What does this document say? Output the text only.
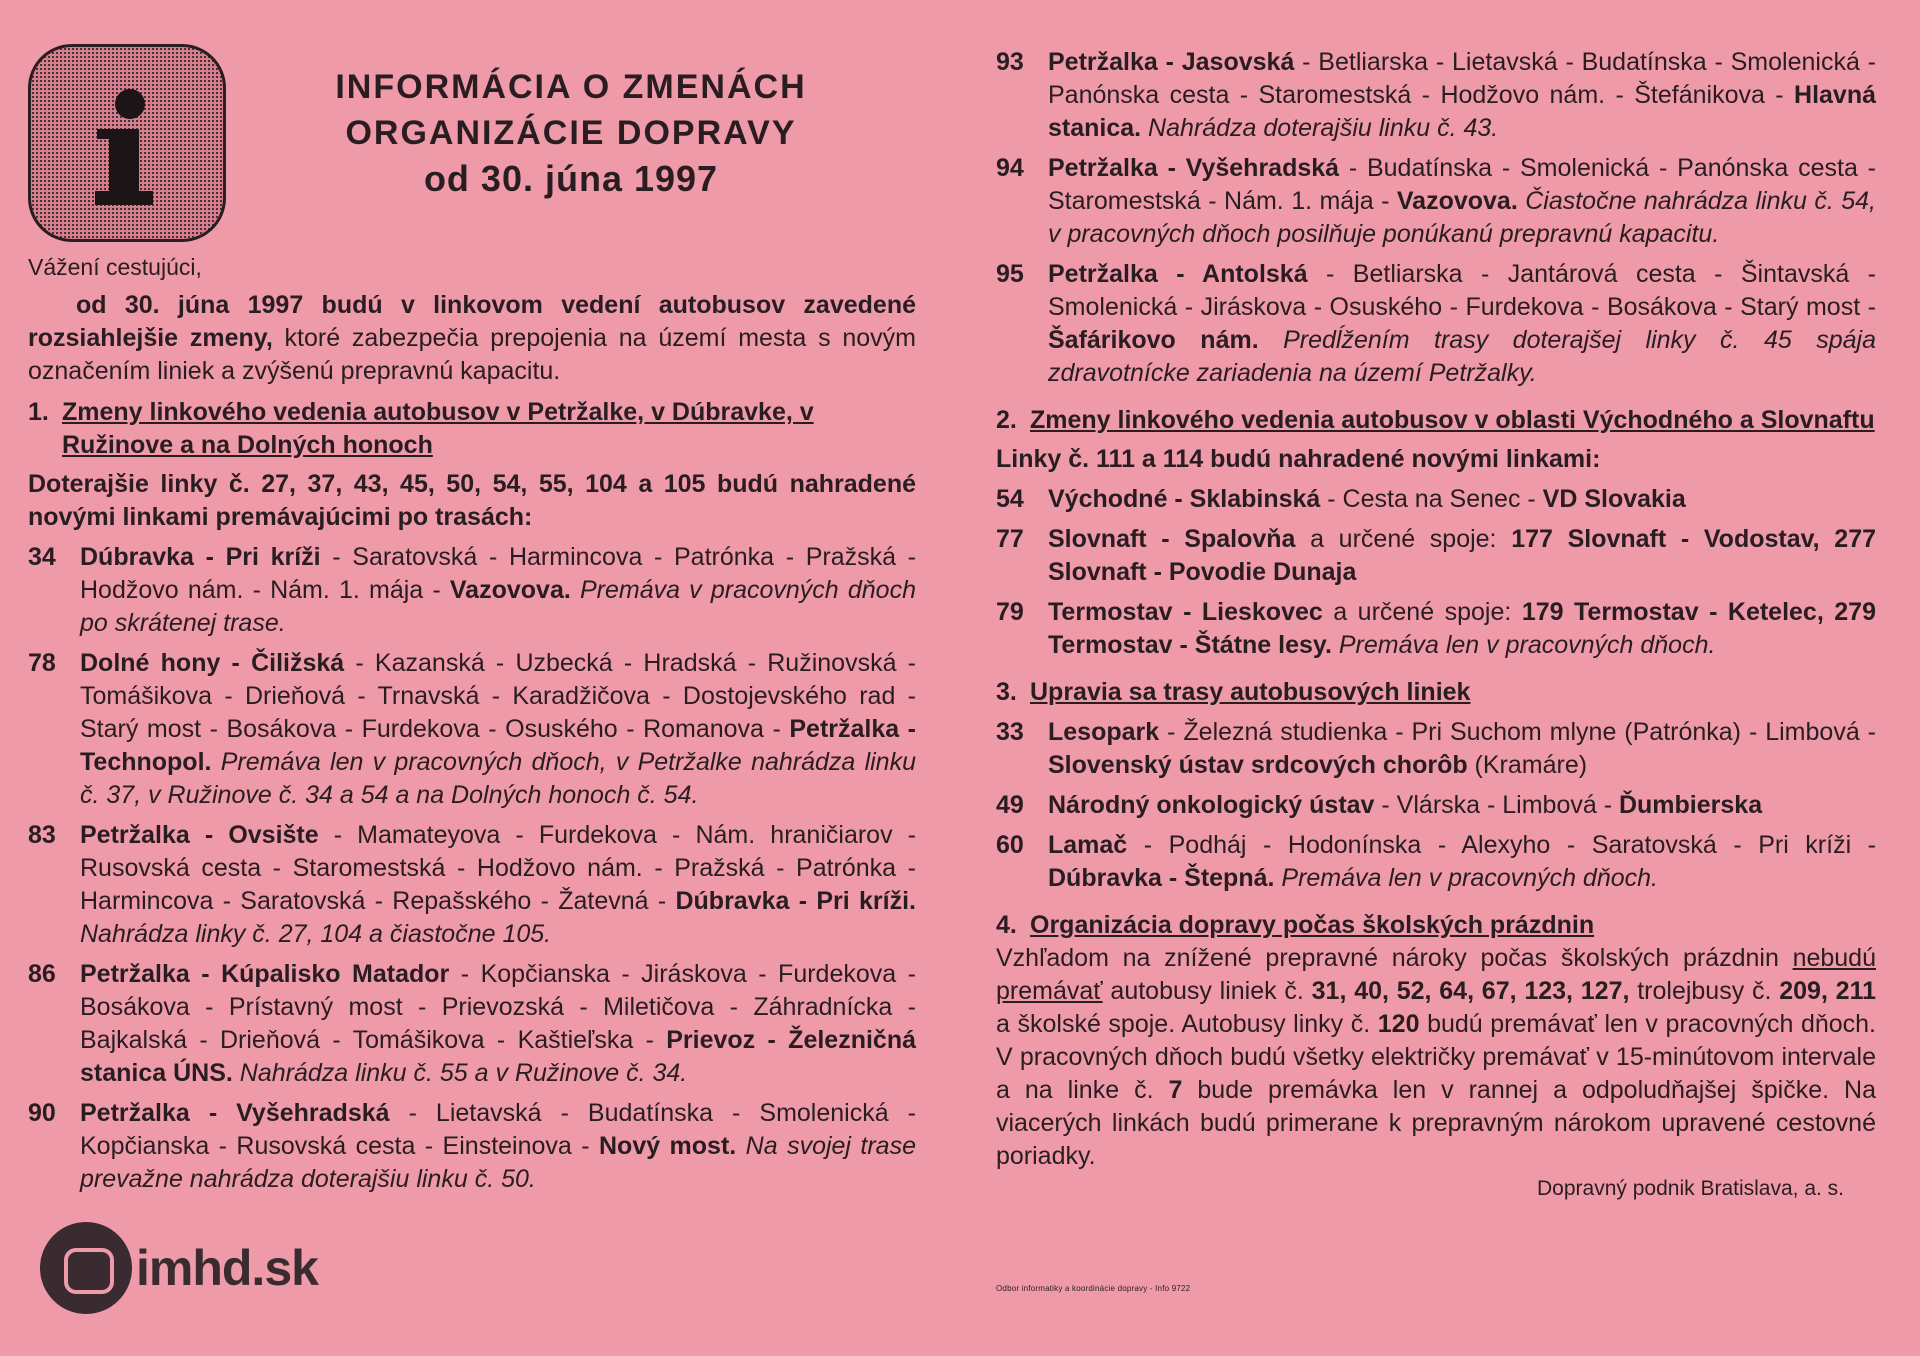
INFORMÁCIA O ZMENÁCH
ORGANIZÁCIE DOPRAVY
od 30. júna 1997

Vážení cestujúci,

od 30. júna 1997 budú v linkovom vedení autobusov zavedené rozsiahlejšie zmeny, ktoré zabezpečia prepojenia na území mesta s novým označením liniek a zvýšenú prepravnú kapacitu.

1. Zmeny linkového vedenia autobusov v Petržalke, v Dúbravke, v Ružinove a na Dolných honoch

Doterajšie linky č. 27, 37, 43, 45, 50, 54, 55, 104 a 105 budú nahradené novými linkami premávajúcimi po trasách:

34 Dúbravka - Pri kríži - Saratovská - Harmincova - Patrónka - Pražská - Hodžovo nám. - Nám. 1. mája - Vazovova. Premáva v pracovných dňoch po skrátenej trase.
78 Dolné hony - Čiližská - Kazanská - Uzbecká - Hradská - Ružinovská - Tomášikova - Drieňová - Trnavská - Karadžičova - Dostojevského rad - Starý most - Bosákova - Furdekova - Osuského - Romanova - Petržalka -Technopol. Premáva len v pracovných dňoch, v Petržalke nahrádza linku č. 37, v Ružinove č. 34 a 54 a na Dolných honoch č. 54.
83 Petržalka - Ovsište - Mamateyova - Furdekova - Nám. hraničiarov - Rusovská cesta - Staromestská - Hodžovo nám. - Pražská - Patrónka - Harmincova - Saratovská - Repašského - Žatevná - Dúbravka - Pri kríži. Nahrádza linky č. 27, 104 a čiastočne 105.
86 Petržalka - Kúpalisko Matador - Kopčianska - Jiráskova - Furdekova - Bosákova - Prístavný most - Prievozská - Miletičova - Záhradnícka - Bajkalská - Drieňová - Tomášikova - Kaštieľska - Prievoz - Železničná stanica ÚNS. Nahrádza linku č. 55 a v Ružinove č. 34.
90 Petržalka - Vyšehradská - Lietavská - Budatínska - Smolenická - Kopčianska - Rusovská cesta - Einsteinova - Nový most. Na svojej trase prevažne nahrádza doterajšiu linku č. 50.
93 Petržalka - Jasovská - Betliarska - Lietavská - Budatínska - Smolenická - Panónska cesta - Staromestská - Hodžovo nám. - Štefánikova - Hlavná stanica. Nahrádza doterajšiu linku č. 43.
94 Petržalka - Vyšehradská - Budatínska - Smolenická - Panónska cesta - Staromestská - Nám. 1. mája - Vazovova. Čiastočne nahrádza linku č. 54, v pracovných dňoch posilňuje ponúkanú prepravnú kapacitu.
95 Petržalka - Antolská - Betliarska - Jantárová cesta - Šintavská - Smolenická - Jiráskova - Osuského - Furdekova - Bosákova - Starý most - Šafárikovo nám. Predĺžením trasy doterajšej linky č. 45 spája zdravotnícke zariadenia na území Petržalky.
2. Zmeny linkového vedenia autobusov v oblasti Východného a Slovnaftu

Linky č. 111 a 114 budú nahradené novými linkami:

54 Východné - Sklabinská - Cesta na Senec - VD Slovakia
77 Slovnaft - Spalovňa a určené spoje: 177 Slovnaft - Vodostav, 277 Slovnaft - Povodie Dunaja
79 Termostav - Lieskovec a určené spoje: 179 Termostav - Ketelec, 279 Termostav - Štátne lesy. Premáva len v pracovných dňoch.
3. Upravia sa trasy autobusových liniek
33 Lesopark - Železná studienka - Pri Suchom mlyne (Patrónka) - Limbová - Slovenský ústav srdcových chorôb (Kramáre)
49 Národný onkologický ústav - Vlárska - Limbová - Ďumbierska
60 Lamač - Podháj - Hodonínska - Alexyho - Saratovská - Pri kríži - Dúbravka - Štepná. Premáva len v pracovných dňoch.
4. Organizácia dopravy počas školských prázdnin

Vzhľadom na znížené prepravné nároky počas školských prázdnin nebudú premávať autobusy liniek č. 31, 40, 52, 64, 67, 123, 127, trolejbusy č. 209, 211 a školské spoje. Autobusy linky č. 120 budú premávať len v pracovných dňoch. V pracovných dňoch budú všetky električky premávať v 15-minútovom intervale a na linke č. 7 bude premávka len v rannej a odpoludňajšej špičke. Na viacerých linkách budú primerane k prepravným nárokom upravené cestovné poriadky.

Dopravný podnik Bratislava, a. s.

Odbor informatiky a koordinácie dopravy - Info 9722
imhd.sk
